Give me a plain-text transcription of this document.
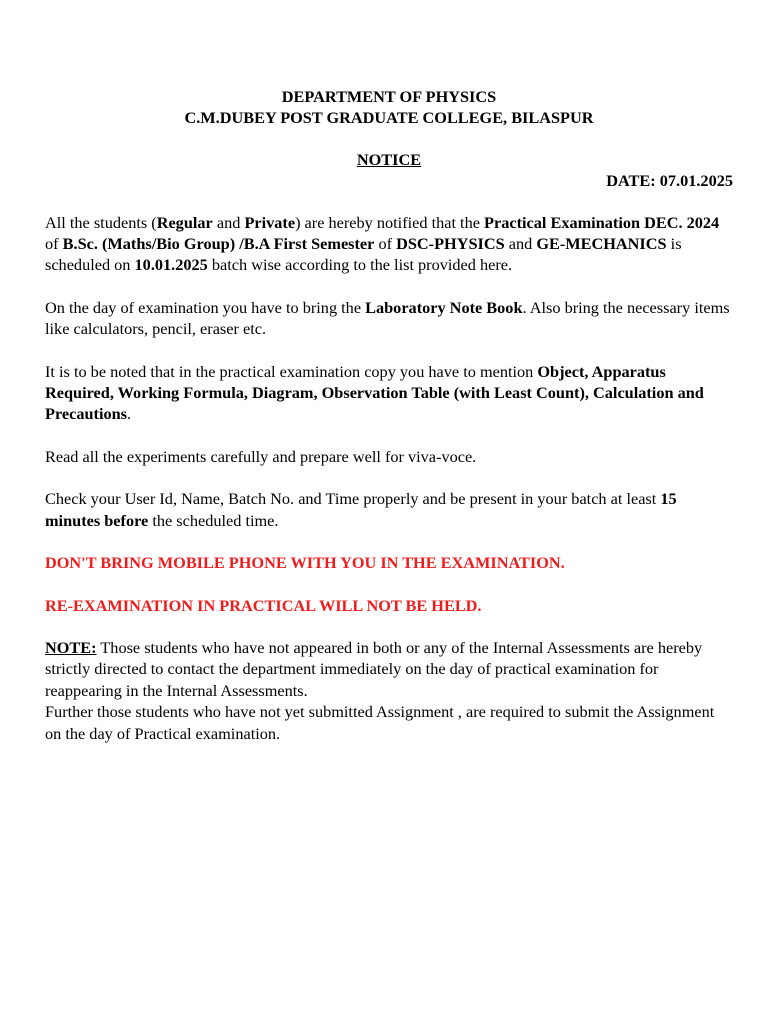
DEPARTMENT OF PHYSICS

C.M.DUBEY POST GRADUATE COLLEGE, BILASPUR

NOTICE

DATE: 07.01.2025

All the students (Regular and Private) are hereby notified that the Practical Examination DEC. 2024 of B.Sc. (Maths/Bio Group) /B.A First Semester of DSC-PHYSICS and GE-MECHANICS is scheduled on 10.01.2025 batch wise according to the list provided here.

On the day of examination you have to bring the Laboratory Note Book. Also bring the necessary items like calculators, pencil, eraser etc.

It is to be noted that in the practical examination copy you have to mention Object, Apparatus Required, Working Formula, Diagram, Observation Table (with Least Count), Calculation and Precautions.

Read all the experiments carefully and prepare well for viva-voce.

Check your User Id, Name, Batch No. and Time properly and be present in your batch at least 15 minutes before the scheduled time.

DON'T BRING MOBILE PHONE WITH YOU IN THE EXAMINATION.

RE-EXAMINATION IN PRACTICAL WILL NOT BE HELD.

NOTE: Those students who have not appeared in both or any of the Internal Assessments are hereby strictly directed to contact the department immediately on the day of practical examination for reappearing in the Internal Assessments.

Further those students who have not yet submitted Assignment , are required to submit the Assignment on the day of Practical examination.
